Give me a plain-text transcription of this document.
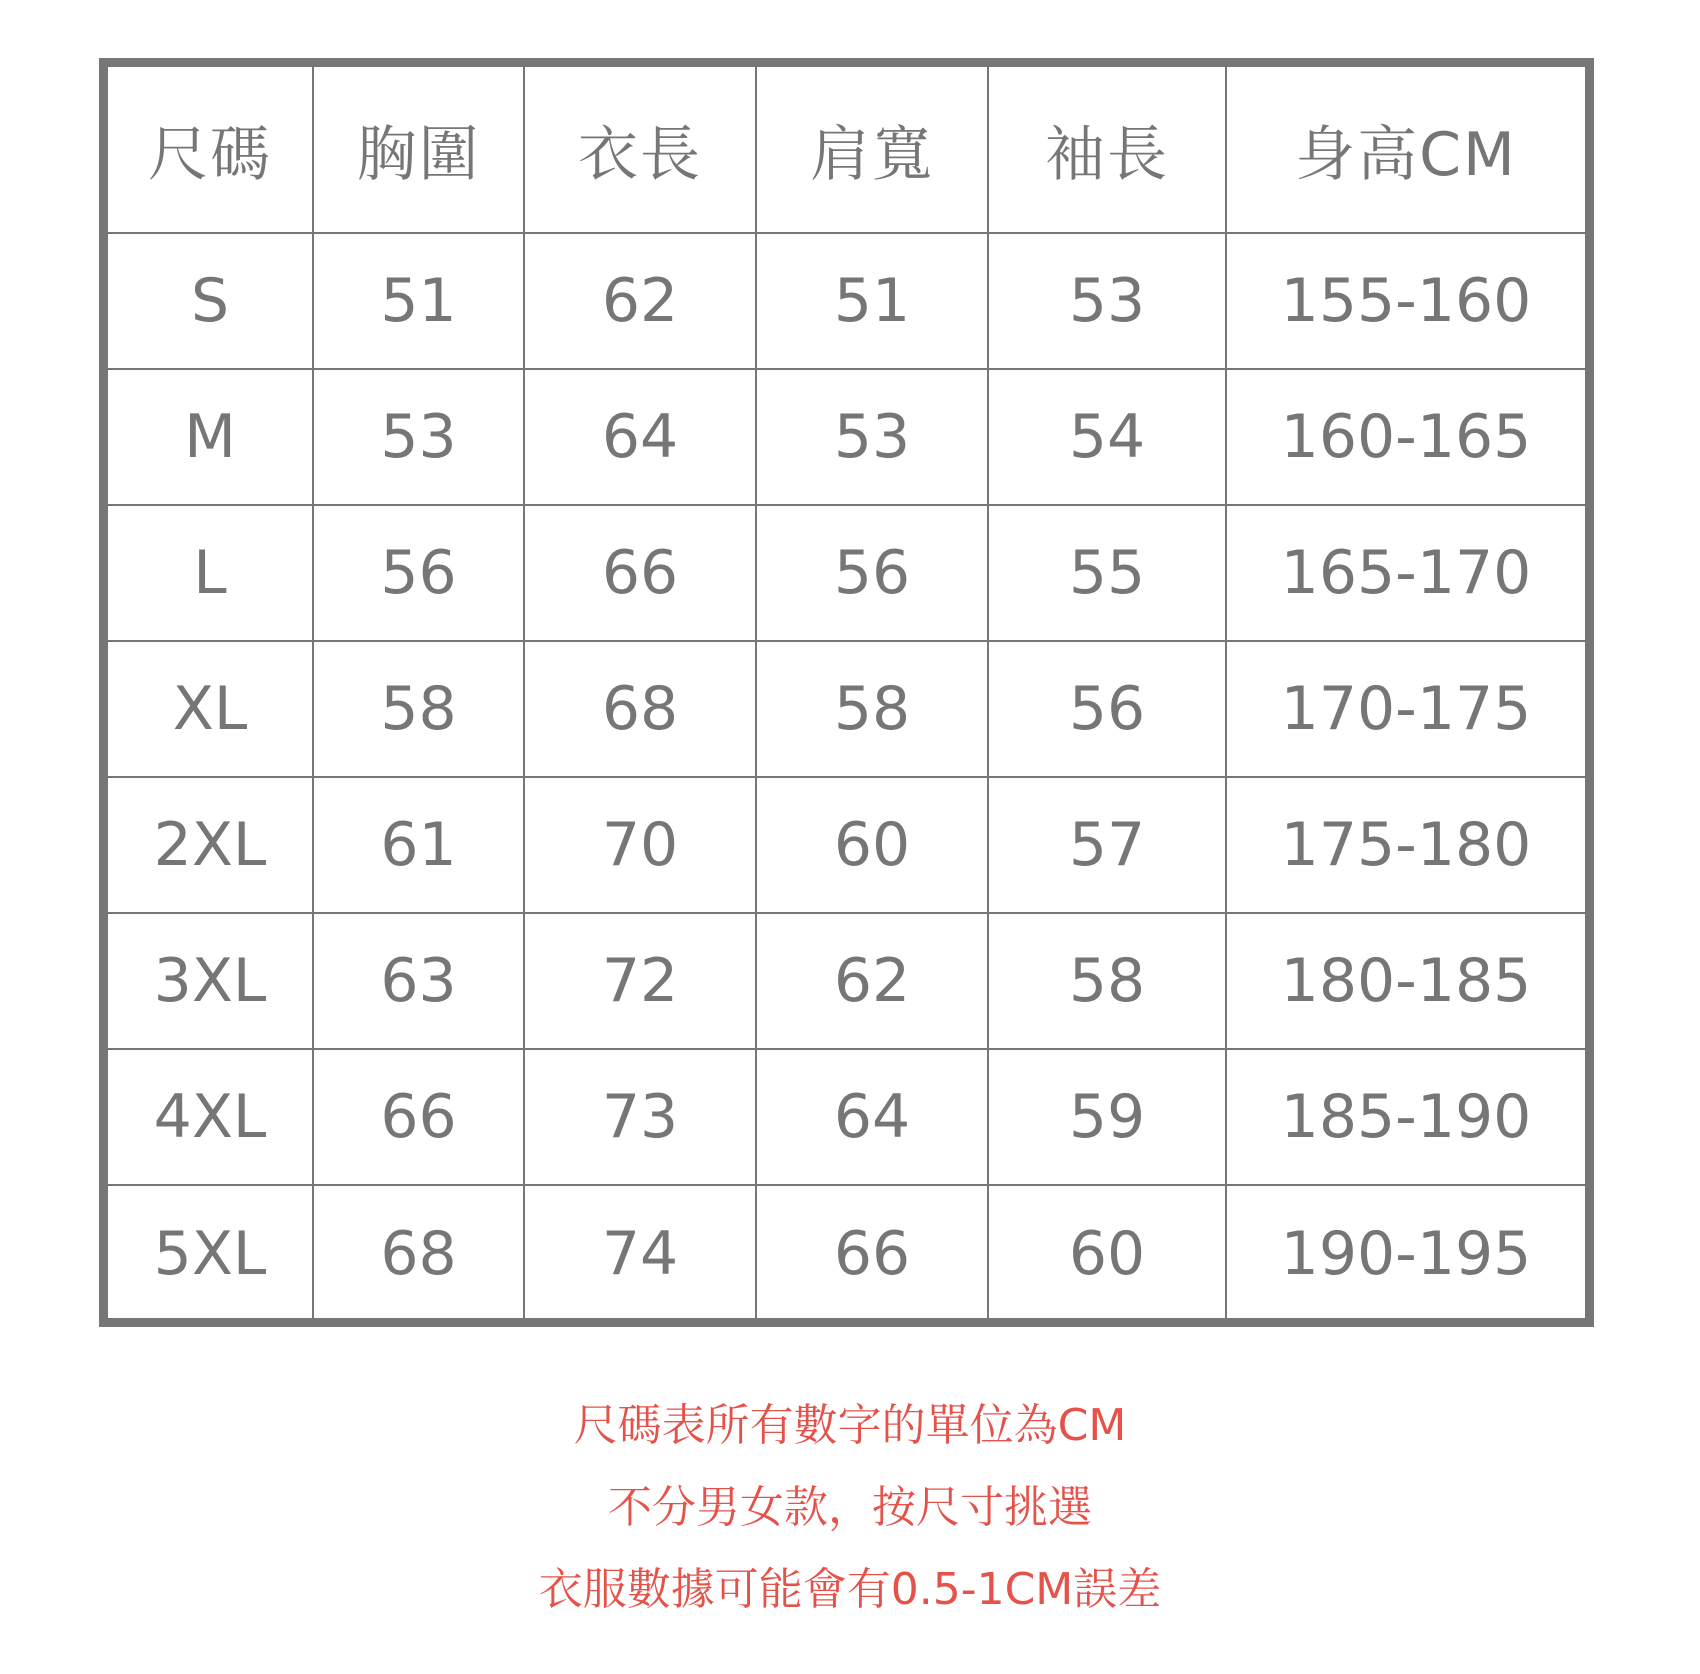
尺碼	胸圍	衣長	肩寬	袖長	身高CM
S	51	62	51	53	155-160
M	53	64	53	54	160-165
L	56	66	56	55	165-170
XL	58	68	58	56	170-175
2XL	61	70	60	57	175-180
3XL	63	72	62	58	180-185
4XL	66	73	64	59	185-190
5XL	68	74	66	60	190-195
尺碼表所有數字的單位為CM
不分男女款，按尺寸挑選
衣服數據可能會有0.5-1CM誤差
